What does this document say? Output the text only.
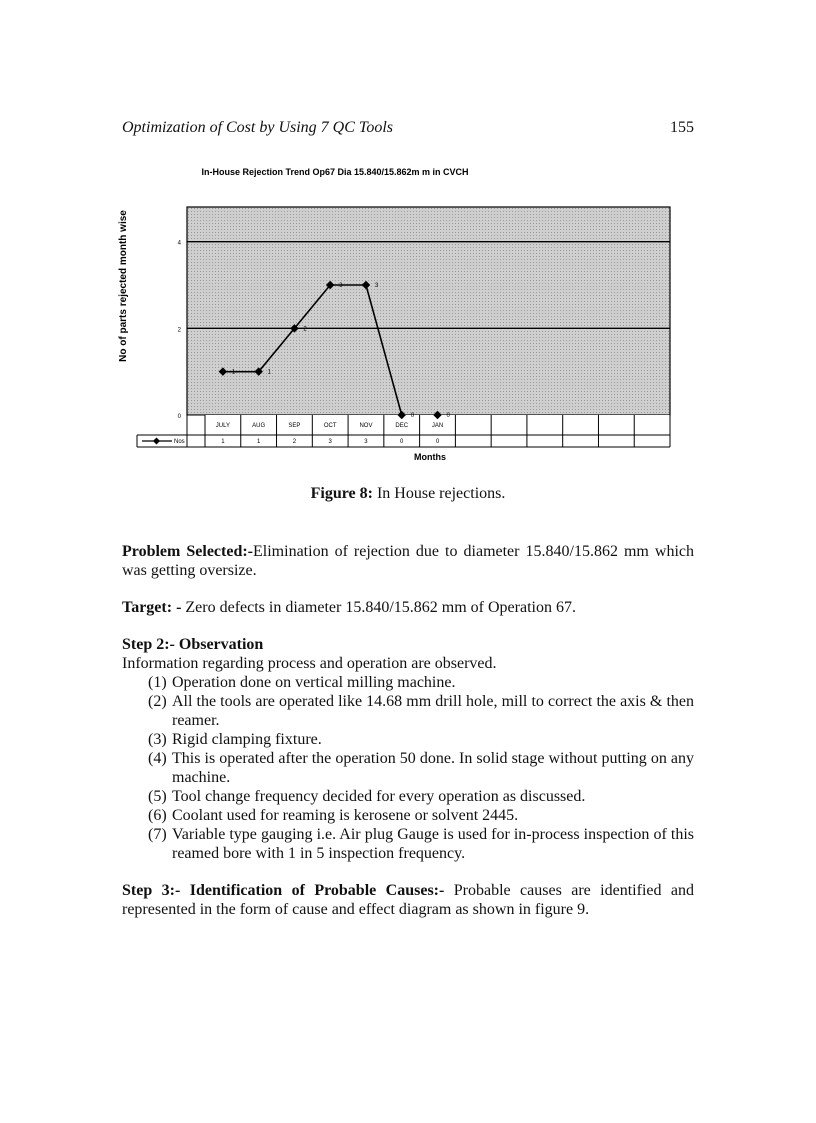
Optimization of Cost by Using 7 QC Tools	155
0
2
4
In-House Rejection Trend Op67 Dia 15.840/15.862m m in CVCH
No of parts rejected month wise
JULY	AUG	SEP	OCT	NOV	DEC	JAN
Nos	1	1	2	3	3	0	0
1	1
2
3	3
0	0
Months
Figure 8: In House rejections.

Problem Selected:-Elimination of rejection due to diameter 15.840/15.862 mm which was getting oversize.

Target: - Zero defects in diameter 15.840/15.862 mm of Operation 67.

Step 2:- Observation

Information regarding process and operation are observed.

(1) Operation done on vertical milling machine.
(2) All the tools are operated like 14.68 mm drill hole, mill to correct the axis & then reamer.
(3) Rigid clamping fixture.
(4) This is operated after the operation 50 done. In solid stage without putting on any machine.
(5) Tool change frequency decided for every operation as discussed.
(6) Coolant used for reaming is kerosene or solvent 2445.
(7) Variable type gauging i.e. Air plug Gauge is used for in-process inspection of this reamed bore with 1 in 5 inspection frequency.

Step 3:- Identification of Probable Causes:- Probable causes are identified and represented in the form of cause and effect diagram as shown in figure 9.
